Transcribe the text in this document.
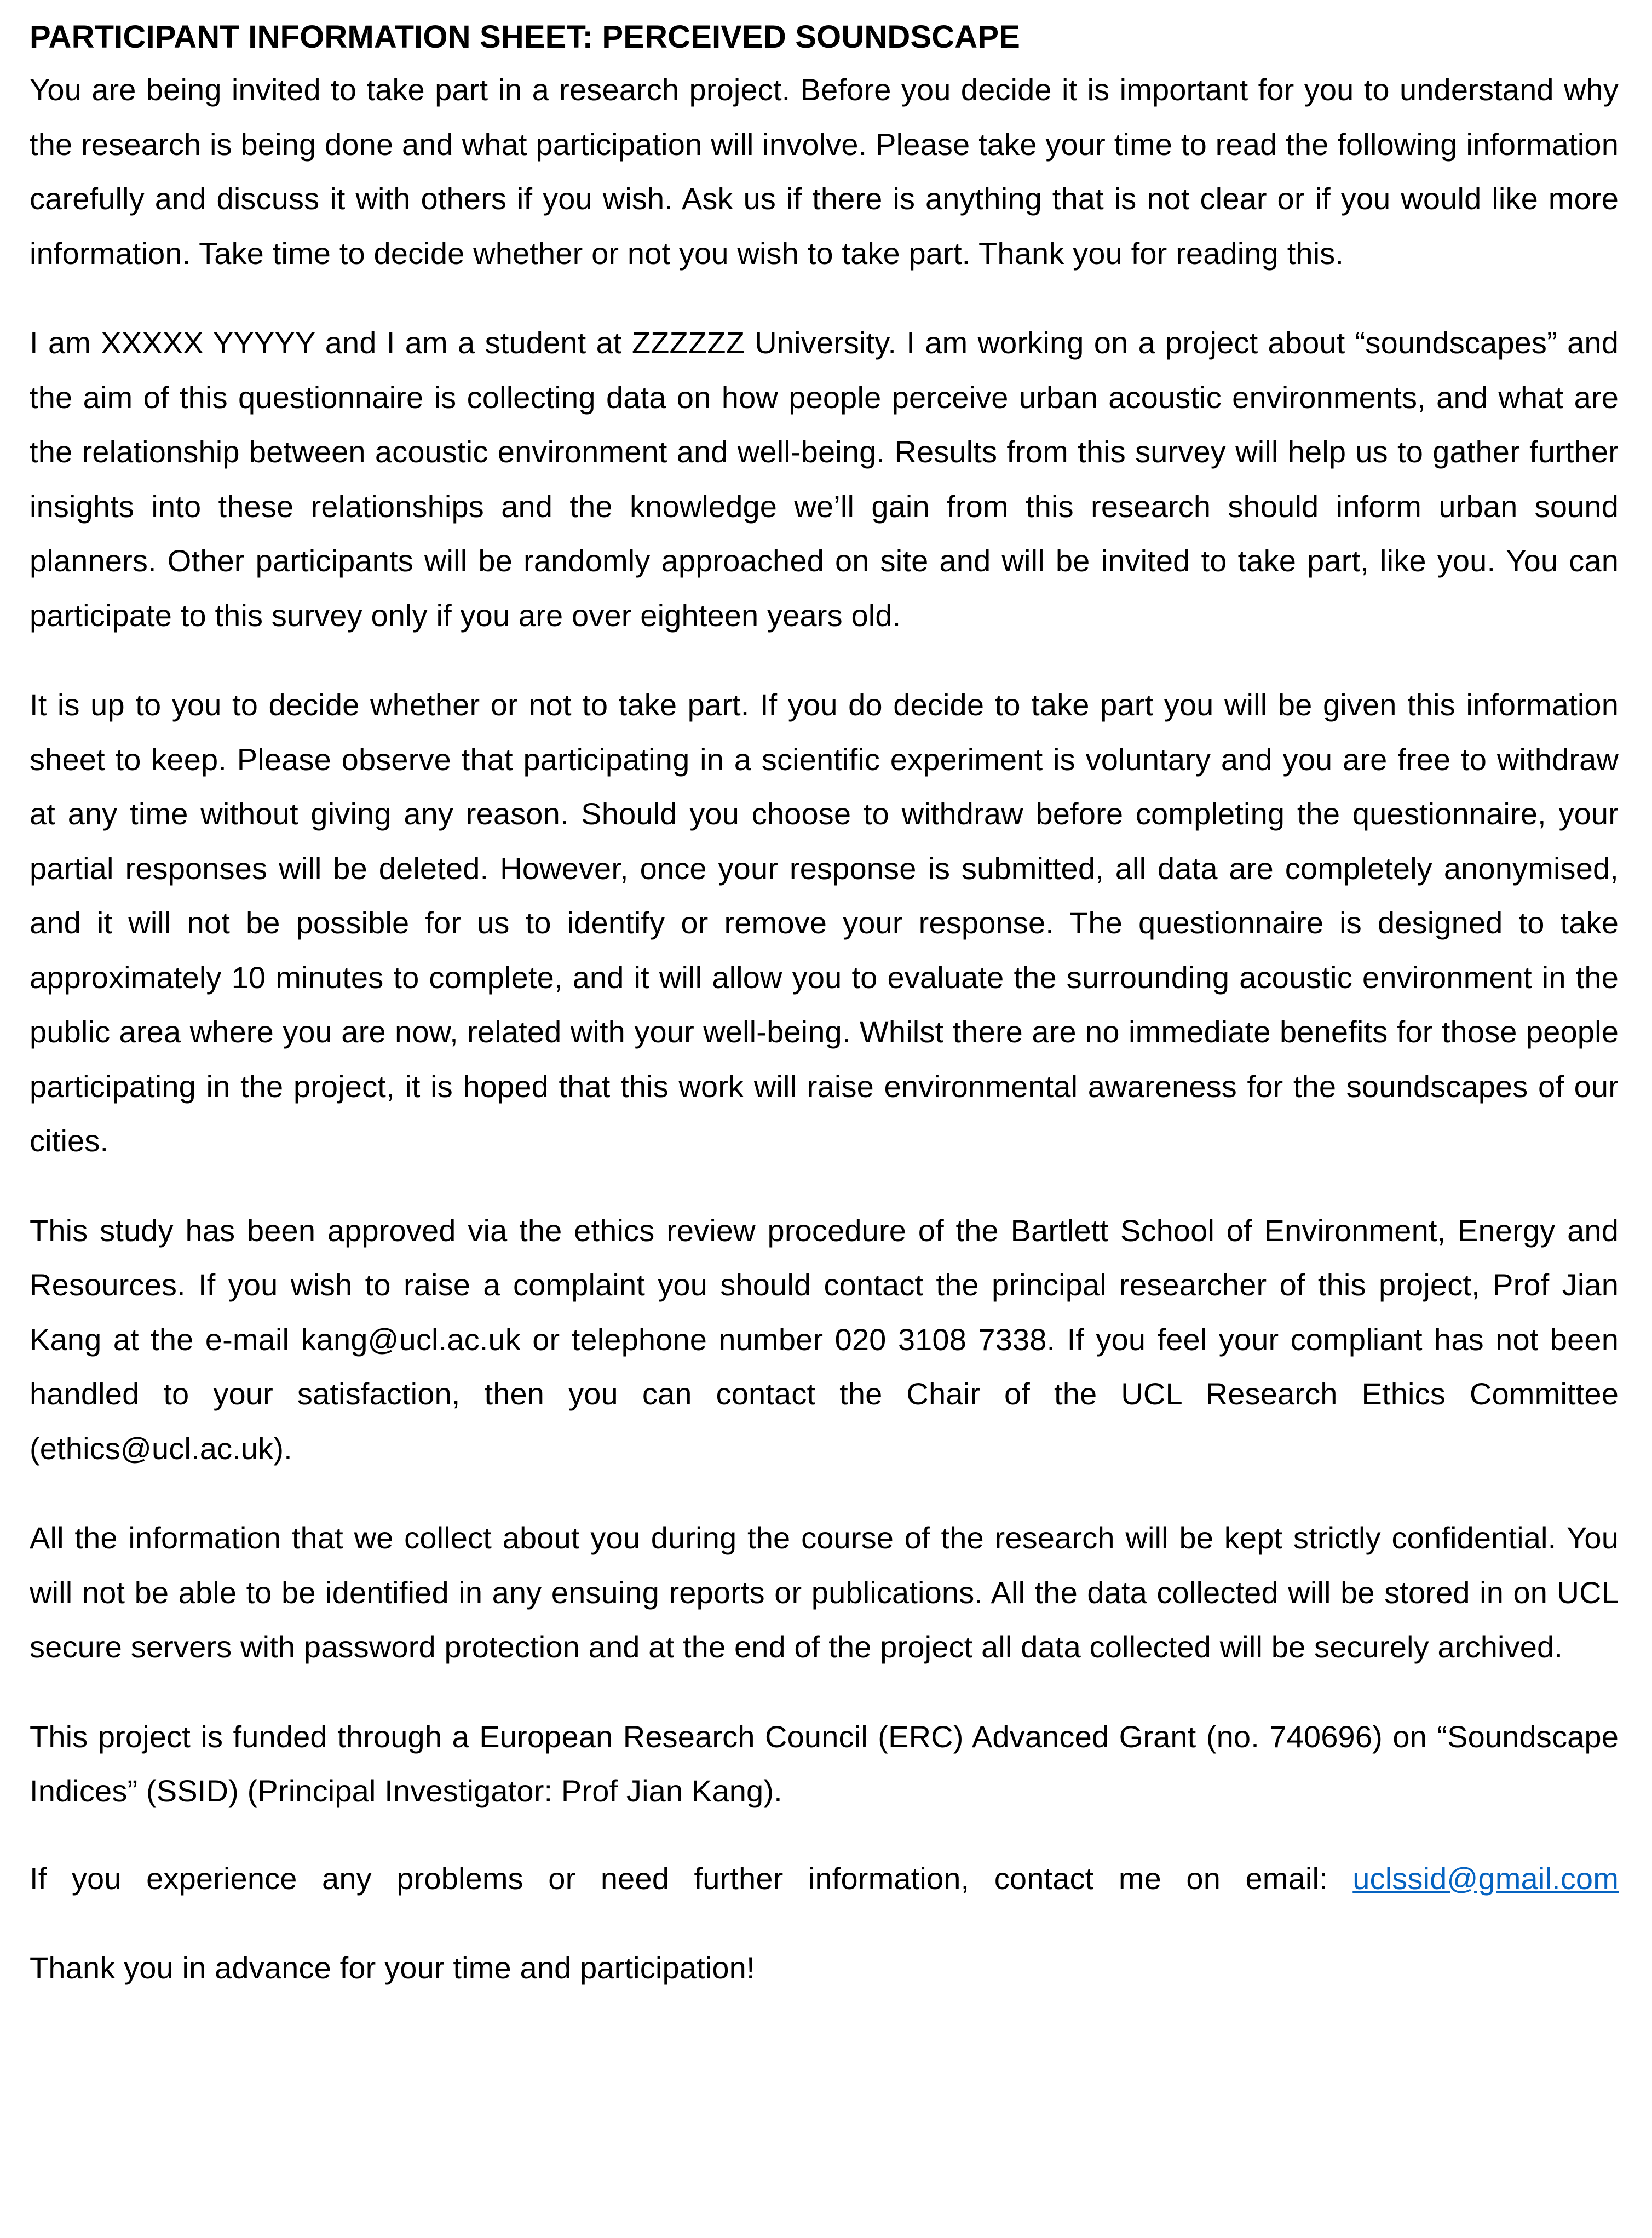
PARTICIPANT INFORMATION SHEET: PERCEIVED SOUNDSCAPE

You are being invited to take part in a research project. Before you decide it is important for you to understand why the research is being done and what participation will involve. Please take your time to read the following information carefully and discuss it with others if you wish. Ask us if there is anything that is not clear or if you would like more information. Take time to decide whether or not you wish to take part. Thank you for reading this.

I am XXXXX YYYYY and I am a student at ZZZZZZ University. I am working on a project about “soundscapes” and the aim of this questionnaire is collecting data on how people perceive urban acoustic environments, and what are the relationship between acoustic environment and well-being. Results from this survey will help us to gather further insights into these relationships and the knowledge we’ll gain from this research should inform urban sound planners. Other participants will be randomly approached on site and will be invited to take part, like you. You can participate to this survey only if you are over eighteen years old.

It is up to you to decide whether or not to take part. If you do decide to take part you will be given this information sheet to keep. Please observe that participating in a scientific experiment is voluntary and you are free to withdraw at any time without giving any reason. Should you choose to withdraw before completing the questionnaire, your partial responses will be deleted. However, once your response is submitted, all data are completely anonymised, and it will not be possible for us to identify or remove your response. The questionnaire is designed to take approximately 10 minutes to complete, and it will allow you to evaluate the surrounding acoustic environment in the public area where you are now, related with your well-being. Whilst there are no immediate benefits for those people participating in the project, it is hoped that this work will raise environmental awareness for the soundscapes of our cities.

This study has been approved via the ethics review procedure of the Bartlett School of Environment, Energy and Resources. If you wish to raise a complaint you should contact the principal researcher of this project, Prof Jian Kang at the e-mail kang@ucl.ac.uk or telephone number 020 3108 7338. If you feel your compliant has not been handled to your satisfaction, then you can contact the Chair of the UCL Research Ethics Committee (ethics@ucl.ac.uk).

All the information that we collect about you during the course of the research will be kept strictly confidential. You will not be able to be identified in any ensuing reports or publications. All the data collected will be stored in on UCL secure servers with password protection and at the end of the project all data collected will be securely archived.

This project is funded through a European Research Council (ERC) Advanced Grant (no. 740696) on “Soundscape Indices” (SSID) (Principal Investigator: Prof Jian Kang).

If you experience any problems or need further information, contact me on email: uclssid@gmail.com

Thank you in advance for your time and participation!
